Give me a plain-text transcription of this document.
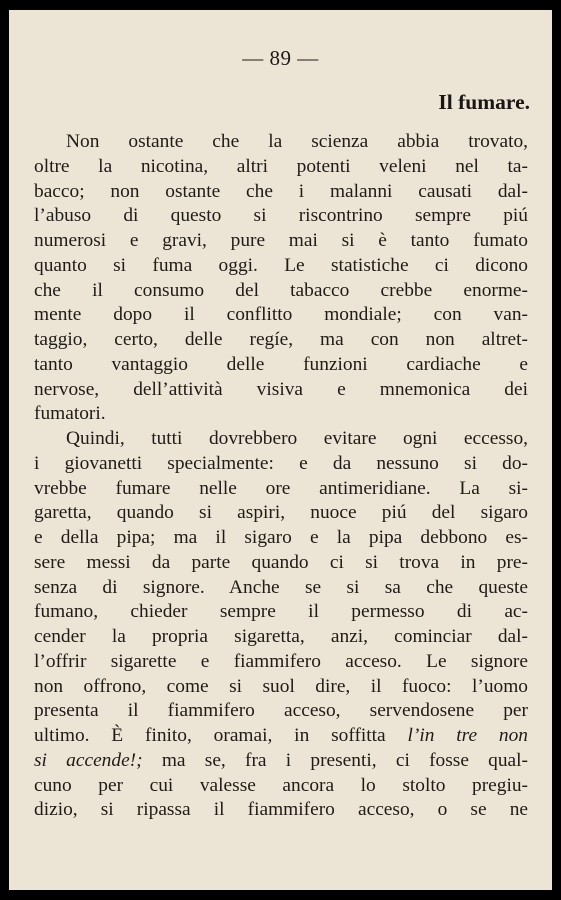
— 89 —
Il fumare.
Non ostante che la scienza abbia trovato,
oltre la nicotina, altri potenti veleni nel ta-
bacco; non ostante che i malanni causati dal-
l’abuso di questo si riscontrino sempre piú
numerosi e gravi, pure mai si è tanto fumato
quanto si fuma oggi. Le statistiche ci dicono
che il consumo del tabacco crebbe enorme-
mente dopo il conflitto mondiale; con van-
taggio, certo, delle regíe, ma con non altret-
tanto vantaggio delle funzioni cardiache e
nervose, dell’attività visiva e mnemonica dei
fumatori.
Quindi, tutti dovrebbero evitare ogni eccesso,
i giovanetti specialmente: e da nessuno si do-
vrebbe fumare nelle ore antimeridiane. La si-
garetta, quando si aspiri, nuoce piú del sigaro
e della pipa; ma il sigaro e la pipa debbono es-
sere messi da parte quando ci si trova in pre-
senza di signore. Anche se si sa che queste
fumano, chieder sempre il permesso di ac-
cender la propria sigaretta, anzi, cominciar dal-
l’offrir sigarette e fiammifero acceso. Le signore
non offrono, come si suol dire, il fuoco: l’uomo
presenta il fiammifero acceso, servendosene per
ultimo. È finito, oramai, in soffitta l’in tre non
si accende!; ma se, fra i presenti, ci fosse qual-
cuno per cui valesse ancora lo stolto pregiu-
dizio, si ripassa il fiammifero acceso, o se ne
